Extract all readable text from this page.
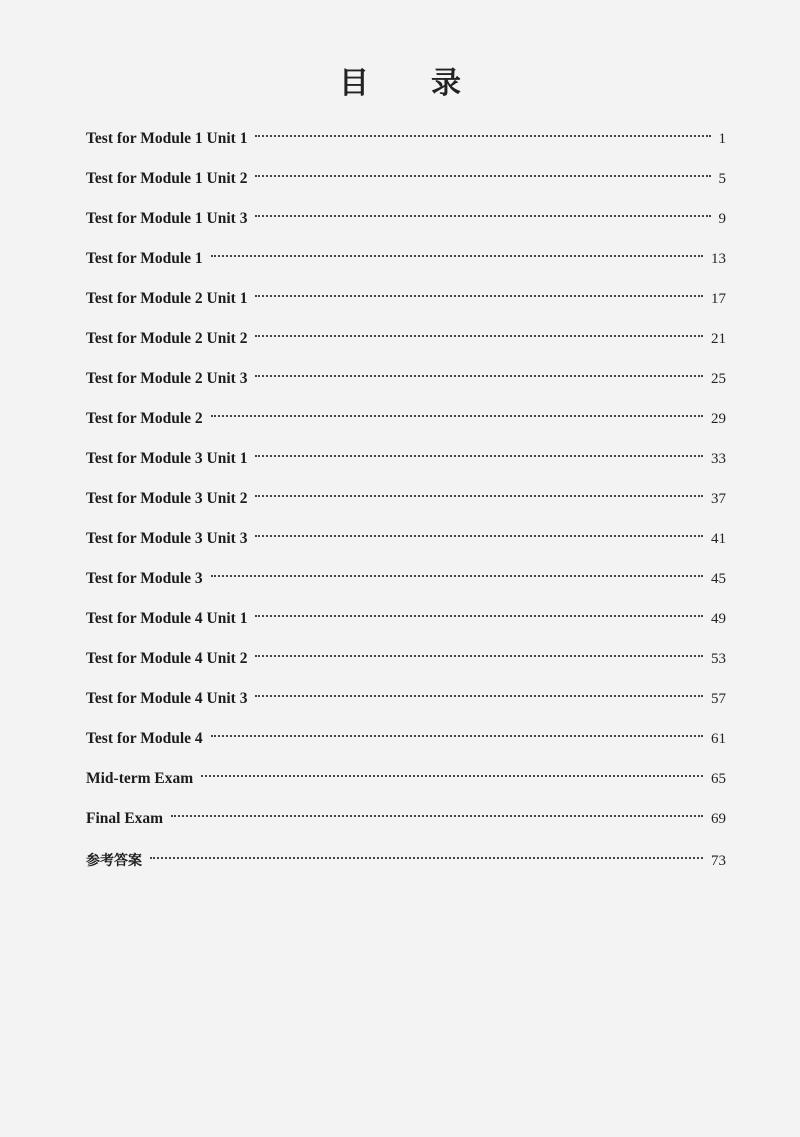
目录
Test for Module 1 Unit 1	1
Test for Module 1 Unit 2	5
Test for Module 1 Unit 3	9
Test for Module 1	13
Test for Module 2 Unit 1	17
Test for Module 2 Unit 2	21
Test for Module 2 Unit 3	25
Test for Module 2	29
Test for Module 3 Unit 1	33
Test for Module 3 Unit 2	37
Test for Module 3 Unit 3	41
Test for Module 3	45
Test for Module 4 Unit 1	49
Test for Module 4 Unit 2	53
Test for Module 4 Unit 3	57
Test for Module 4	61
Mid-term Exam	65
Final Exam	69
参考答案	73
